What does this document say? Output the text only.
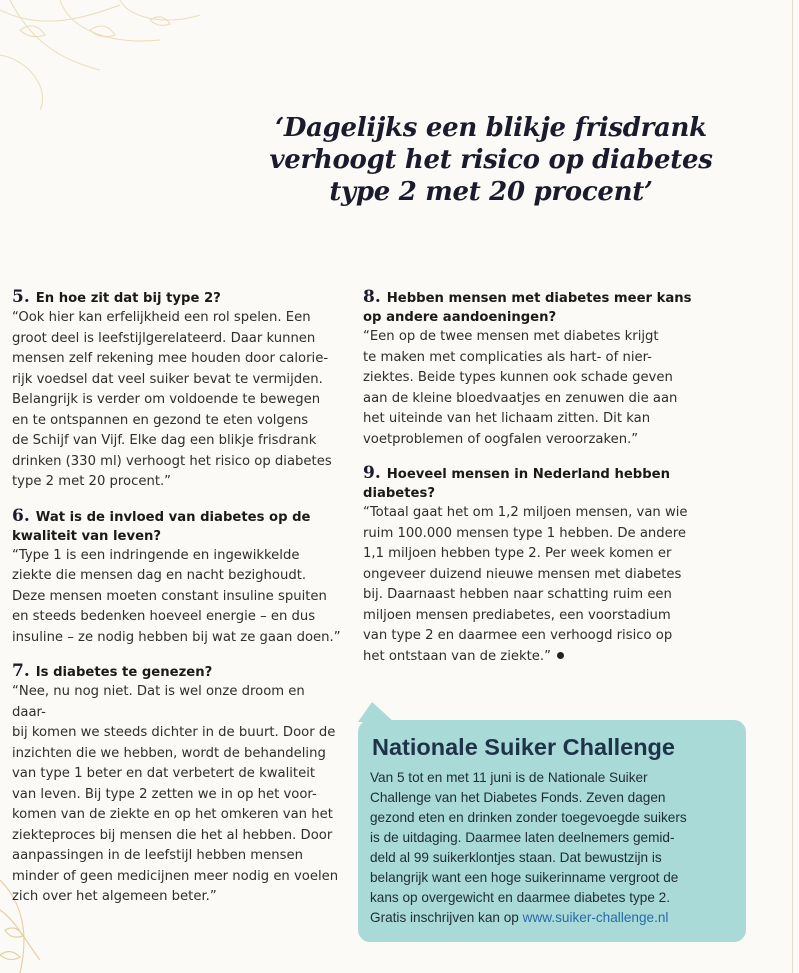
‘Dagelijks een blikje frisdrank
verhoogt het risico op diabetes
type 2 met 20 procent’

5. En hoe zit dat bij type 2?

“Ook hier kan erfelijkheid een rol spelen. Een
groot deel is leefstijlgerelateerd. Daar kunnen
mensen zelf rekening mee houden door calorie-
rijk voedsel dat veel suiker bevat te vermijden.
Belangrijk is verder om voldoende te bewegen
en te ontspannen en gezond te eten volgens
de Schijf van Vijf. Elke dag een blikje frisdrank
drinken (330 ml) verhoogt het risico op diabetes
type 2 met 20 procent.”

6. Wat is de invloed van diabetes op de
kwaliteit van leven?

“Type 1 is een indringende en ingewikkelde
ziekte die mensen dag en nacht bezighoudt.
Deze mensen moeten constant insuline spuiten
en steeds bedenken hoeveel energie – en dus
insuline – ze nodig hebben bij wat ze gaan doen.”

7. Is diabetes te genezen?

“Nee, nu nog niet. Dat is wel onze droom en daar-
bij komen we steeds dichter in de buurt. Door de
inzichten die we hebben, wordt de behandeling
van type 1 beter en dat verbetert de kwaliteit
van leven. Bij type 2 zetten we in op het voor-
komen van de ziekte en op het omkeren van het
ziekteproces bij mensen die het al hebben. Door
aanpassingen in de leefstijl hebben mensen
minder of geen medicijnen meer nodig en voelen
zich over het algemeen beter.”

8. Hebben mensen met diabetes meer kans
op andere aandoeningen?

“Een op de twee mensen met diabetes krijgt
te maken met complicaties als hart- of nier-
ziektes. Beide types kunnen ook schade geven
aan de kleine bloedvaatjes en zenuwen die aan
het uiteinde van het lichaam zitten. Dit kan
voetproblemen of oogfalen veroorzaken.”

9. Hoeveel mensen in Nederland hebben
diabetes?

“Totaal gaat het om 1,2 miljoen mensen, van wie
ruim 100.000 mensen type 1 hebben. De andere
1,1 miljoen hebben type 2. Per week komen er
ongeveer duizend nieuwe mensen met diabetes
bij. Daarnaast hebben naar schatting ruim een
miljoen mensen prediabetes, een voorstadium
van type 2 en daarmee een verhoogd risico op
het ontstaan van de ziekte.”

Nationale Suiker Challenge

Van 5 tot en met 11 juni is de Nationale Suiker
Challenge van het Diabetes Fonds. Zeven dagen
gezond eten en drinken zonder toegevoegde suikers
is de uitdaging. Daarmee laten deelnemers gemid-
deld al 99 suikerklontjes staan. Dat bewustzijn is
belangrijk want een hoge suikerinname vergroot de
kans op overgewicht en daarmee diabetes type 2.
Gratis inschrijven kan op www.suiker-challenge.nl
